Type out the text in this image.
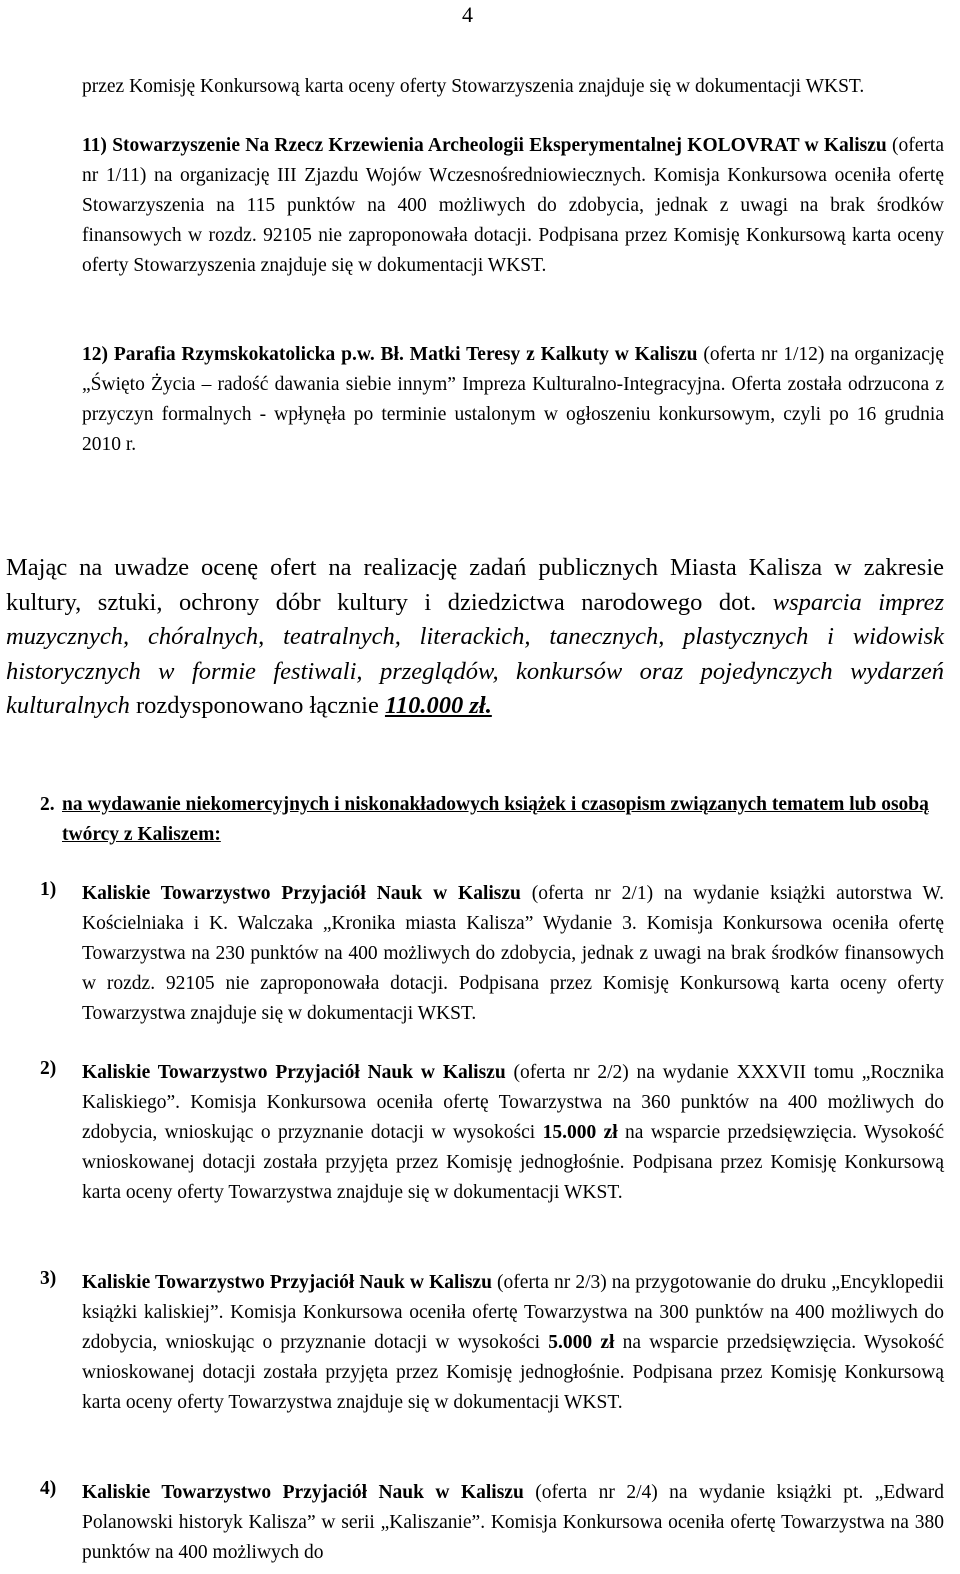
4
przez Komisję Konkursową karta oceny oferty Stowarzyszenia znajduje się w dokumentacji WKST.
11) Stowarzyszenie Na Rzecz Krzewienia Archeologii Eksperymentalnej KOLOVRAT w Kaliszu (oferta nr 1/11) na organizację III Zjazdu Wojów Wczesnośredniowiecznych. Komisja Konkursowa oceniła ofertę Stowarzyszenia na 115 punktów na 400 możliwych do zdobycia, jednak z uwagi na brak środków finansowych w rozdz. 92105 nie zaproponowała dotacji. Podpisana przez Komisję Konkursową karta oceny oferty Stowarzyszenia znajduje się w dokumentacji WKST.
12) Parafia Rzymskokatolicka p.w. Bł. Matki Teresy z Kalkuty w Kaliszu (oferta nr 1/12) na organizację „Święto Życia – radość dawania siebie innym” Impreza Kulturalno-Integracyjna. Oferta została odrzucona z przyczyn formalnych - wpłynęła po terminie ustalonym w ogłoszeniu konkursowym, czyli po 16 grudnia 2010 r.
Mając na uwadze ocenę ofert na realizację zadań publicznych Miasta Kalisza w zakresie kultury, sztuki, ochrony dóbr kultury i dziedzictwa narodowego dot. wsparcia imprez muzycznych, chóralnych, teatralnych, literackich, tanecznych, plastycznych i widowisk historycznych w formie festiwali, przeglądów, konkursów oraz pojedynczych wydarzeń kulturalnych rozdysponowano łącznie 110.000 zł.
2. na wydawanie niekomercyjnych i niskonakładowych książek i czasopism związanych tematem lub osobą twórcy z Kaliszem:
1) Kaliskie Towarzystwo Przyjaciół Nauk w Kaliszu (oferta nr 2/1) na wydanie książki autorstwa W. Kościelniaka i K. Walczaka „Kronika miasta Kalisza” Wydanie 3. Komisja Konkursowa oceniła ofertę Towarzystwa na 230 punktów na 400 możliwych do zdobycia, jednak z uwagi na brak środków finansowych w rozdz. 92105 nie zaproponowała dotacji. Podpisana przez Komisję Konkursową karta oceny oferty Towarzystwa znajduje się w dokumentacji WKST.
2) Kaliskie Towarzystwo Przyjaciół Nauk w Kaliszu (oferta nr 2/2) na wydanie XXXVII tomu „Rocznika Kaliskiego”. Komisja Konkursowa oceniła ofertę Towarzystwa na 360 punktów na 400 możliwych do zdobycia, wnioskując o przyznanie dotacji w wysokości 15.000 zł na wsparcie przedsięwzięcia. Wysokość wnioskowanej dotacji została przyjęta przez Komisję jednogłośnie. Podpisana przez Komisję Konkursową karta oceny oferty Towarzystwa znajduje się w dokumentacji WKST.
3) Kaliskie Towarzystwo Przyjaciół Nauk w Kaliszu (oferta nr 2/3) na przygotowanie do druku „Encyklopedii książki kaliskiej”. Komisja Konkursowa oceniła ofertę Towarzystwa na 300 punktów na 400 możliwych do zdobycia, wnioskując o przyznanie dotacji w wysokości 5.000 zł na wsparcie przedsięwzięcia. Wysokość wnioskowanej dotacji została przyjęta przez Komisję jednogłośnie. Podpisana przez Komisję Konkursową karta oceny oferty Towarzystwa znajduje się w dokumentacji WKST.
4) Kaliskie Towarzystwo Przyjaciół Nauk w Kaliszu (oferta nr 2/4) na wydanie książki pt. „Edward Polanowski historyk Kalisza” w serii „Kaliszanie”. Komisja Konkursowa oceniła ofertę Towarzystwa na 380 punktów na 400 możliwych do
